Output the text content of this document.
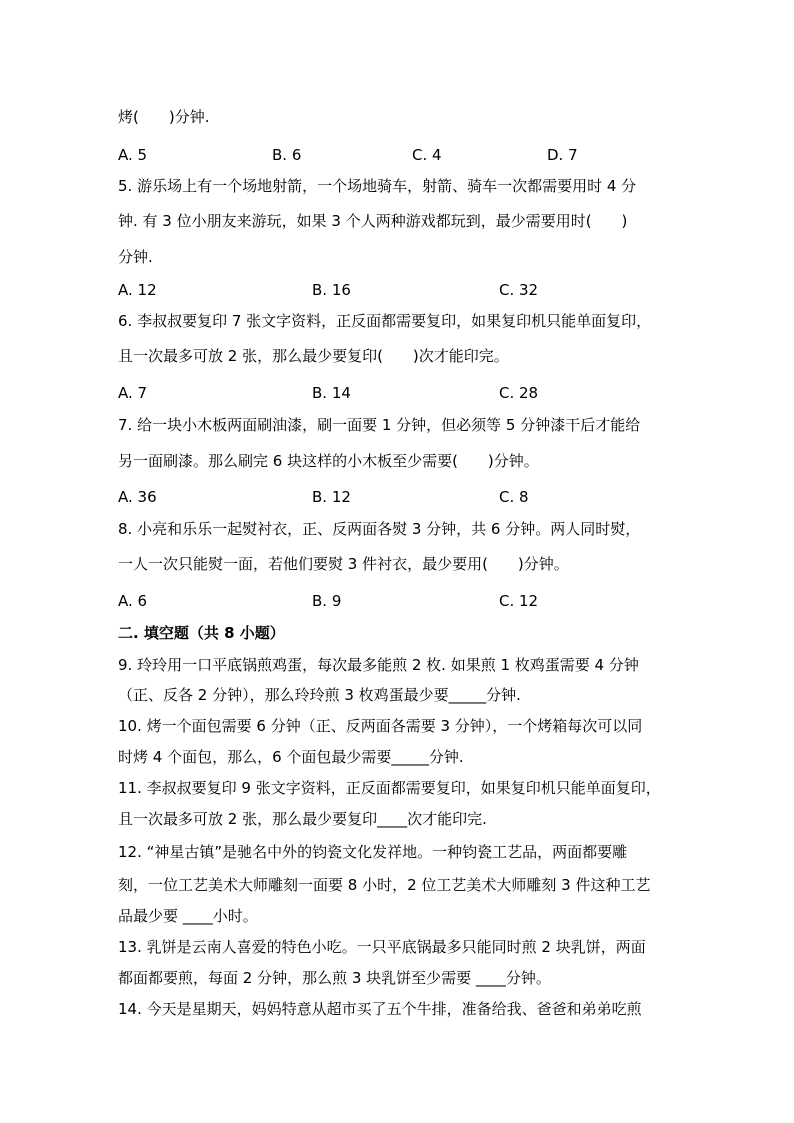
烤(　　)分钟.
A. 5	B. 6	C. 4	D. 7
5. 游乐场上有一个场地射箭，一个场地骑车，射箭、骑车一次都需要用时 4 分
钟. 有 3 位小朋友来游玩，如果 3 个人两种游戏都玩到，最少需要用时(　　)
分钟.
A. 12	B. 16	C. 32
6. 李叔叔要复印 7 张文字资料，正反面都需要复印，如果复印机只能单面复印，
且一次最多可放 2 张，那么最少要复印(　　)次才能印完。
A. 7	B. 14	C. 28
7. 给一块小木板两面刷油漆，刷一面要 1 分钟，但必须等 5 分钟漆干后才能给
另一面刷漆。那么刷完 6 块这样的小木板至少需要(　　)分钟。
A. 36	B. 12	C. 8
8. 小亮和乐乐一起熨衬衣，正、反两面各熨 3 分钟，共 6 分钟。两人同时熨，
一人一次只能熨一面，若他们要熨 3 件衬衣，最少要用(　　)分钟。
A. 6	B. 9	C. 12
二. 填空题（共 8 小题）
9. 玲玲用一口平底锅煎鸡蛋，每次最多能煎 2 枚. 如果煎 1 枚鸡蛋需要 4 分钟
（正、反各 2 分钟），那么玲玲煎 3 枚鸡蛋最少要_____分钟.
10. 烤一个面包需要 6 分钟（正、反两面各需要 3 分钟），一个烤箱每次可以同
时烤 4 个面包，那么，6 个面包最少需要_____分钟.
11. 李叔叔要复印 9 张文字资料，正反面都需要复印，如果复印机只能单面复印，
且一次最多可放 2 张，那么最少要复印____次才能印完.
12. “神星古镇”是驰名中外的钧瓷文化发祥地。一种钧瓷工艺品，两面都要雕
刻，一位工艺美术大师雕刻一面要 8 小时，2 位工艺美术大师雕刻 3 件这种工艺
品最少要 ____小时。
13. 乳饼是云南人喜爱的特色小吃。一只平底锅最多只能同时煎 2 块乳饼，两面
都面都要煎，每面 2 分钟，那么煎 3 块乳饼至少需要 ____分钟。
14. 今天是星期天，妈妈特意从超市买了五个牛排，准备给我、爸爸和弟弟吃煎
